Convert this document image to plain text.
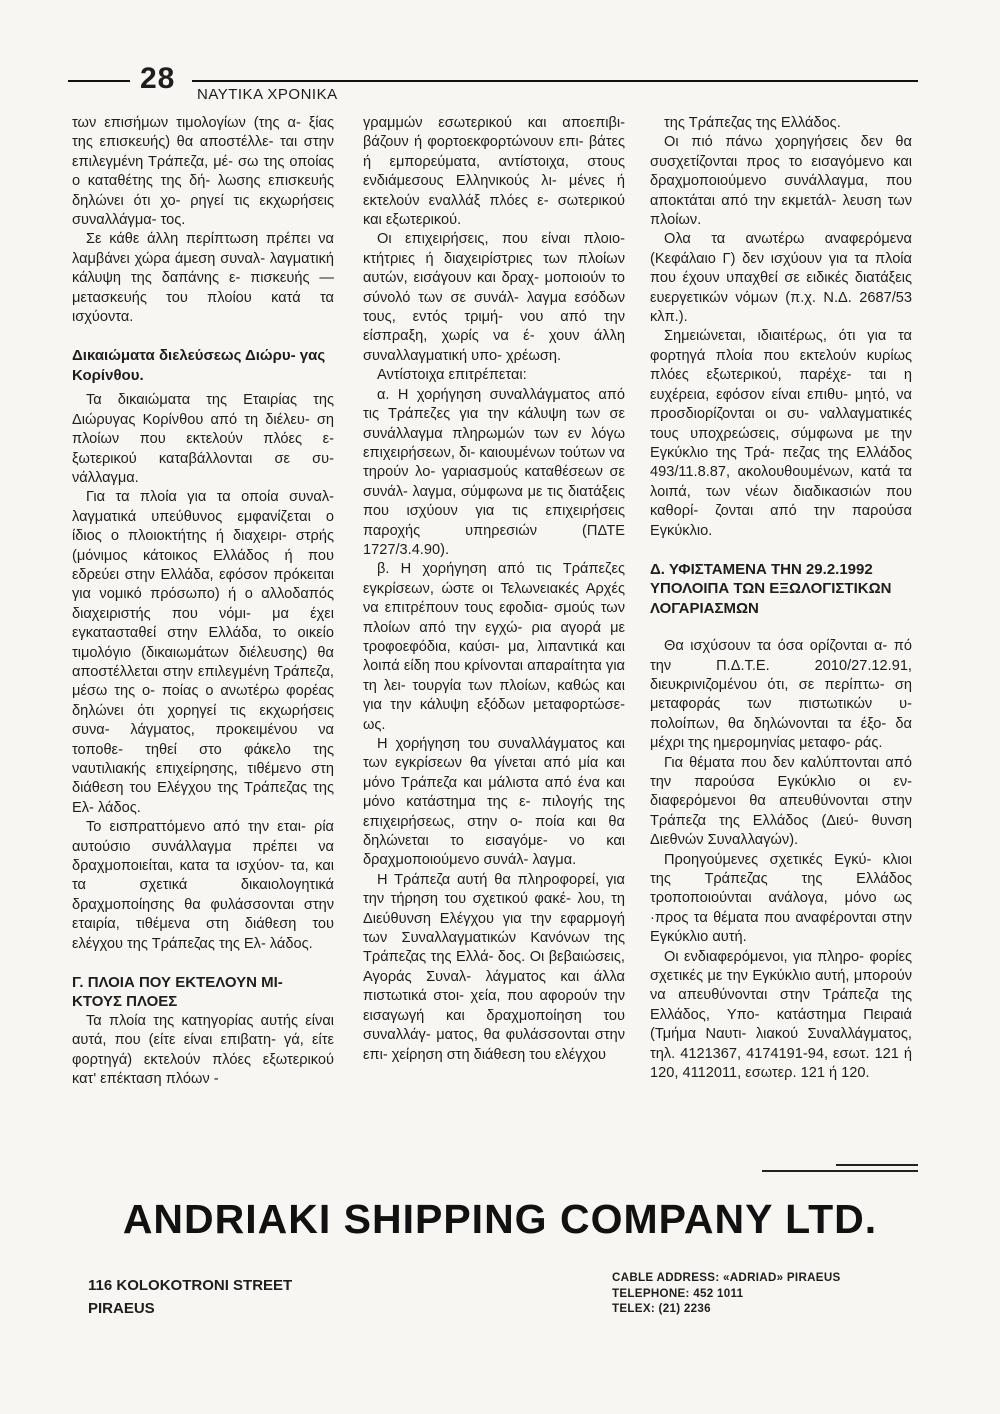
28 ΝΑΥΤΙΚΑ ΧΡΟΝΙΚΑ

των επισήμων τιμολογίων (της α- ξίας της επισκευής) θα αποστέλλε- ται στην επιλεγμένη Τράπεζα, μέ- σω της οποίας ο καταθέτης της δή- λωσης επισκευής δηλώνει ότι χο- ρηγεί τις εκχωρήσεις συναλλάγμα- τος.

Σε κάθε άλλη περίπτωση πρέπει να λαμβάνει χώρα άμεση συναλ- λαγματική κάλυψη της δαπάνης ε- πισκευής — μετασκευής του πλοίου κατά τα ισχύοντα.

Δικαιώματα διελεύσεως Διώρυ- γας Κορίνθου.

Τα δικαιώματα της Εταιρίας της Διώρυγας Κορίνθου από τη διέλευ- ση πλοίων που εκτελούν πλόες ε- ξωτερικού καταβάλλονται σε συ- νάλλαγμα.

Για τα πλοία για τα οποία συναλ- λαγματικά υπεύθυνος εμφανίζεται ο ίδιος ο πλοιοκτήτης ή διαχειρι- στρής (μόνιμος κάτοικος Ελλάδος ή που εδρεύει στην Ελλάδα, εφόσον πρόκειται για νομικό πρόσωπο) ή ο αλλοδαπός διαχειριστής που νόμι- μα έχει εγκατασταθεί στην Ελλάδα, το οικείο τιμολόγιο (δικαιωμάτων διέλευσης) θα αποστέλλεται στην επιλεγμένη Τράπεζα, μέσω της ο- ποίας ο ανωτέρω φορέας δηλώνει ότι χορηγεί τις εκχωρήσεις συνα- λάγματος, προκειμένου να τοποθε- τηθεί στο φάκελο της ναυτιλιακής επιχείρησης, τιθέμενο στη διάθεση του Ελέγχου της Τράπεζας της Ελ- λάδος.

Το εισπραττόμενο από την εται- ρία αυτούσιο συνάλλαγμα πρέπει να δραχμοποιείται, κατα τα ισχύον- τα, και τα σχετικά δικαιολογητικά δραχμοποίησης θα φυλάσσονται στην εταιρία, τιθέμενα στη διάθεση του ελέγχου της Τράπεζας της Ελ- λάδος.

Γ. ΠΛΟΙΑ ΠΟΥ ΕΚΤΕΛΟΥΝ ΜΙ- ΚΤΟΥΣ ΠΛΟΕΣ

Τα πλοία της κατηγορίας αυτής είναι αυτά, που (είτε είναι επιβατη- γά, είτε φορτηγά) εκτελούν πλόες εξωτερικού κατ' επέκταση πλόων -

γραμμών εσωτερικού και αποεπιβι- βάζουν ή φορτοεκφορτώνουν επι- βάτες ή εμπορεύματα, αντίστοιχα, στους ενδιάμεσους Ελληνικούς λι- μένες ή εκτελούν εναλλάξ πλόες ε- σωτερικού και εξωτερικού.

Οι επιχειρήσεις, που είναι πλοιο- κτήτριες ή διαχειρίστριες των πλοίων αυτών, εισάγουν και δραχ- μοποιούν το σύνολό των σε συνάλ- λαγμα εσόδων τους, εντός τριμή- νου από την είσπραξη, χωρίς να έ- χουν άλλη συναλλαγματική υπο- χρέωση.

Αντίστοιχα επιτρέπεται:

α. Η χορήγηση συναλλάγματος από τις Τράπεζες για την κάλυψη των σε συνάλλαγμα πληρωμών των εν λόγω επιχειρήσεων, δι- καιουμένων τούτων να τηρούν λο- γαριασμούς καταθέσεων σε συνάλ- λαγμα, σύμφωνα με τις διατάξεις που ισχύουν για τις επιχειρήσεις παροχής υπηρεσιών (ΠΔΤΕ 1727/3.4.90).

β. Η χορήγηση από τις Τράπεζες εγκρίσεων, ώστε οι Τελωνειακές Αρχές να επιτρέπουν τους εφοδια- σμούς των πλοίων από την εγχώ- ρια αγορά με τροφοεφόδια, καύσι- μα, λιπαντικά και λοιπά είδη που κρίνονται απαραίτητα για τη λει- τουργία των πλοίων, καθώς και για την κάλυψη εξόδων μεταφορτώσε- ως.

Η χορήγηση του συναλλάγματος και των εγκρίσεων θα γίνεται από μία και μόνο Τράπεζα και μάλιστα από ένα και μόνο κατάστημα της ε- πιλογής της επιχειρήσεως, στην ο- ποία και θα δηλώνεται το εισαγόμε- νο και δραχμοποιούμενο συνάλ- λαγμα.

Η Τράπεζα αυτή θα πληροφορεί, για την τήρηση του σχετικού φακέ- λου, τη Διεύθυνση Ελέγχου για την εφαρμογή των Συναλλαγματικών Κανόνων της Τράπεζας της Ελλά- δος. Οι βεβαιώσεις, Αγοράς Συναλ- λάγματος και άλλα πιστωτικά στοι- χεία, που αφορούν την εισαγωγή και δραχμοποίηση του συναλλάγ- ματος, θα φυλάσσονται στην επι- χείρηση στη διάθεση του ελέγχου

της Τράπεζας της Ελλάδος.

Οι πιό πάνω χορηγήσεις δεν θα συσχετίζονται προς το εισαγόμενο και δραχμοποιούμενο συνάλλαγμα, που αποκτάται από την εκμετάλ- λευση των πλοίων.

Ολα τα ανωτέρω αναφερόμενα (Κεφάλαιο Γ) δεν ισχύουν για τα πλοία που έχουν υπαχθεί σε ειδικές διατάξεις ευεργετικών νόμων (π.χ. Ν.Δ. 2687/53 κλπ.).

Σημειώνεται, ιδιαιτέρως, ότι για τα φορτηγά πλοία που εκτελούν κυρίως πλόες εξωτερικού, παρέχε- ται η ευχέρεια, εφόσον είναι επιθυ- μητό, να προσδιορίζονται οι συ- ναλλαγματικές τους υποχρεώσεις, σύμφωνα με την Εγκύκλιο της Τρά- πεζας της Ελλάδος 493/11.8.87, ακολουθουμένων, κατά τα λοιπά, των νέων διαδικασιών που καθορί- ζονται από την παρούσα Εγκύκλιο.

Δ. ΥΦΙΣΤΑΜΕΝΑ ΤΗΝ 29.2.1992 ΥΠΟΛΟΙΠΑ ΤΩΝ ΕΞΩΛΟΓΙΣΤΙΚΩΝ ΛΟΓΑΡΙΑΣΜΩΝ

Θα ισχύσουν τα όσα ορίζονται α- πό την Π.Δ.Τ.Ε. 2010/27.12.91, διευκρινιζομένου ότι, σε περίπτω- ση μεταφοράς των πιστωτικών υ- πολοίπων, θα δηλώνονται τα έξο- δα μέχρι της ημερομηνίας μεταφο- ράς.

Για θέματα που δεν καλύπτονται από την παρούσα Εγκύκλιο οι εν- διαφερόμενοι θα απευθύνονται στην Τράπεζα της Ελλάδος (Διεύ- θυνση Διεθνών Συναλλαγών).

Προηγούμενες σχετικές Εγκύ- κλιοι της Τράπεζας της Ελλάδος τροποποιούνται ανάλογα, μόνο ως ·προς τα θέματα που αναφέρονται στην Εγκύκλιο αυτή.

Οι ενδιαφερόμενοι, για πληρο- φορίες σχετικές με την Εγκύκλιο αυτή, μπορούν να απευθύνονται στην Τράπεζα της Ελλάδος, Υπο- κατάστημα Πειραιά (Τμήμα Ναυτι- λιακού Συναλλάγματος, τηλ. 4121367, 4174191-94, εσωτ. 121 ή 120, 4112011, εσωτερ. 121 ή 120.

ANDRIAKI SHIPPING COMPANY LTD.
116 KOLOKOTRONI STREET
PIRAEUS
CABLE ADDRESS: «ADRIAD» PIRAEUS
TELEPHONE: 452 1011
TELEX: (21) 2236
